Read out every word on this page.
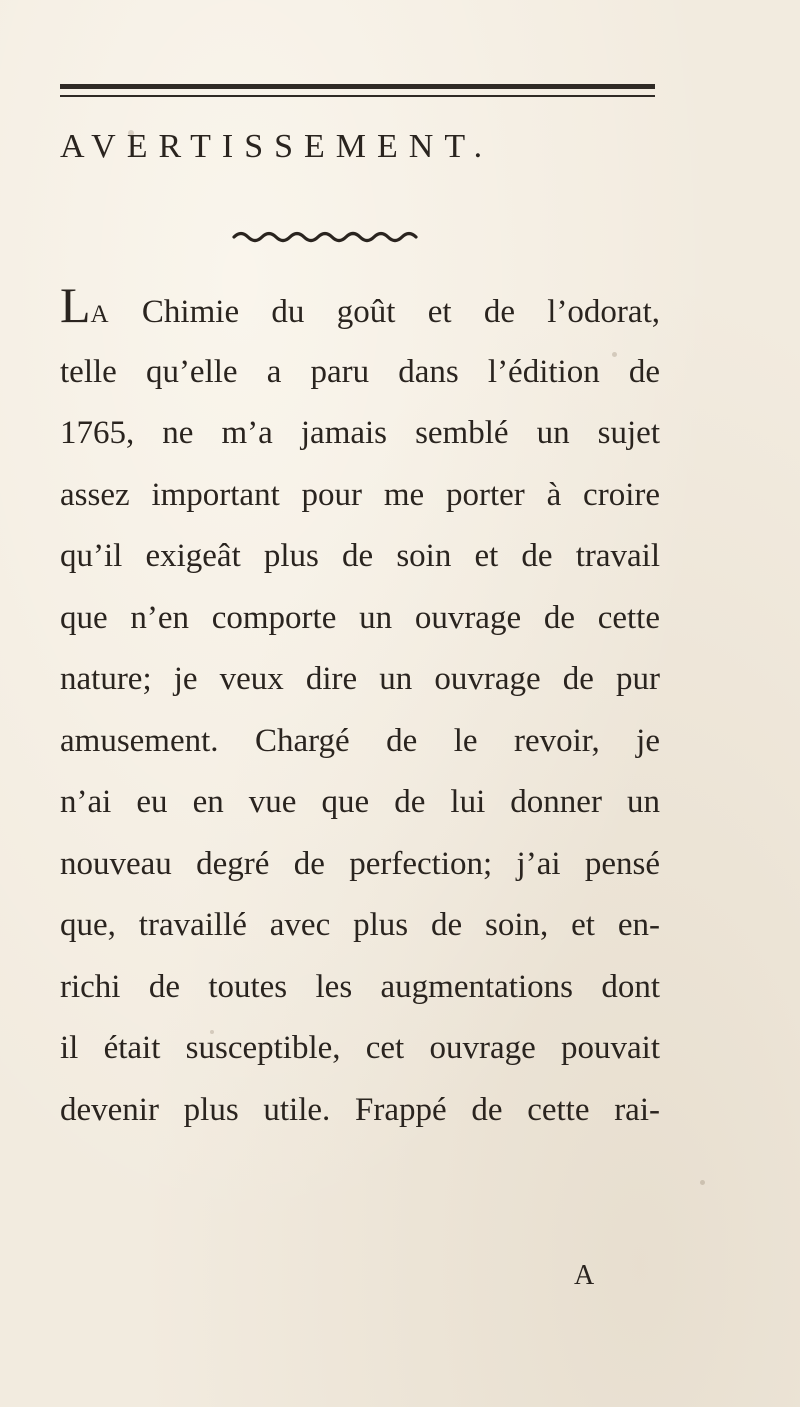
AVERTISSEMENT.
LA Chimie du goût et de l’odorat,
telle qu’elle a paru dans l’édition de
1765, ne m’a jamais semblé un sujet
assez important pour me porter à croire
qu’il exigeât plus de soin et de travail
que n’en comporte un ouvrage de cette
nature; je veux dire un ouvrage de pur
amusement. Chargé de le revoir, je
n’ai eu en vue que de lui donner un
nouveau degré de perfection; j’ai pensé
que, travaillé avec plus de soin, et en-
richi de toutes les augmentations dont
il était susceptible, cet ouvrage pouvait
devenir plus utile. Frappé de cette rai-
A
